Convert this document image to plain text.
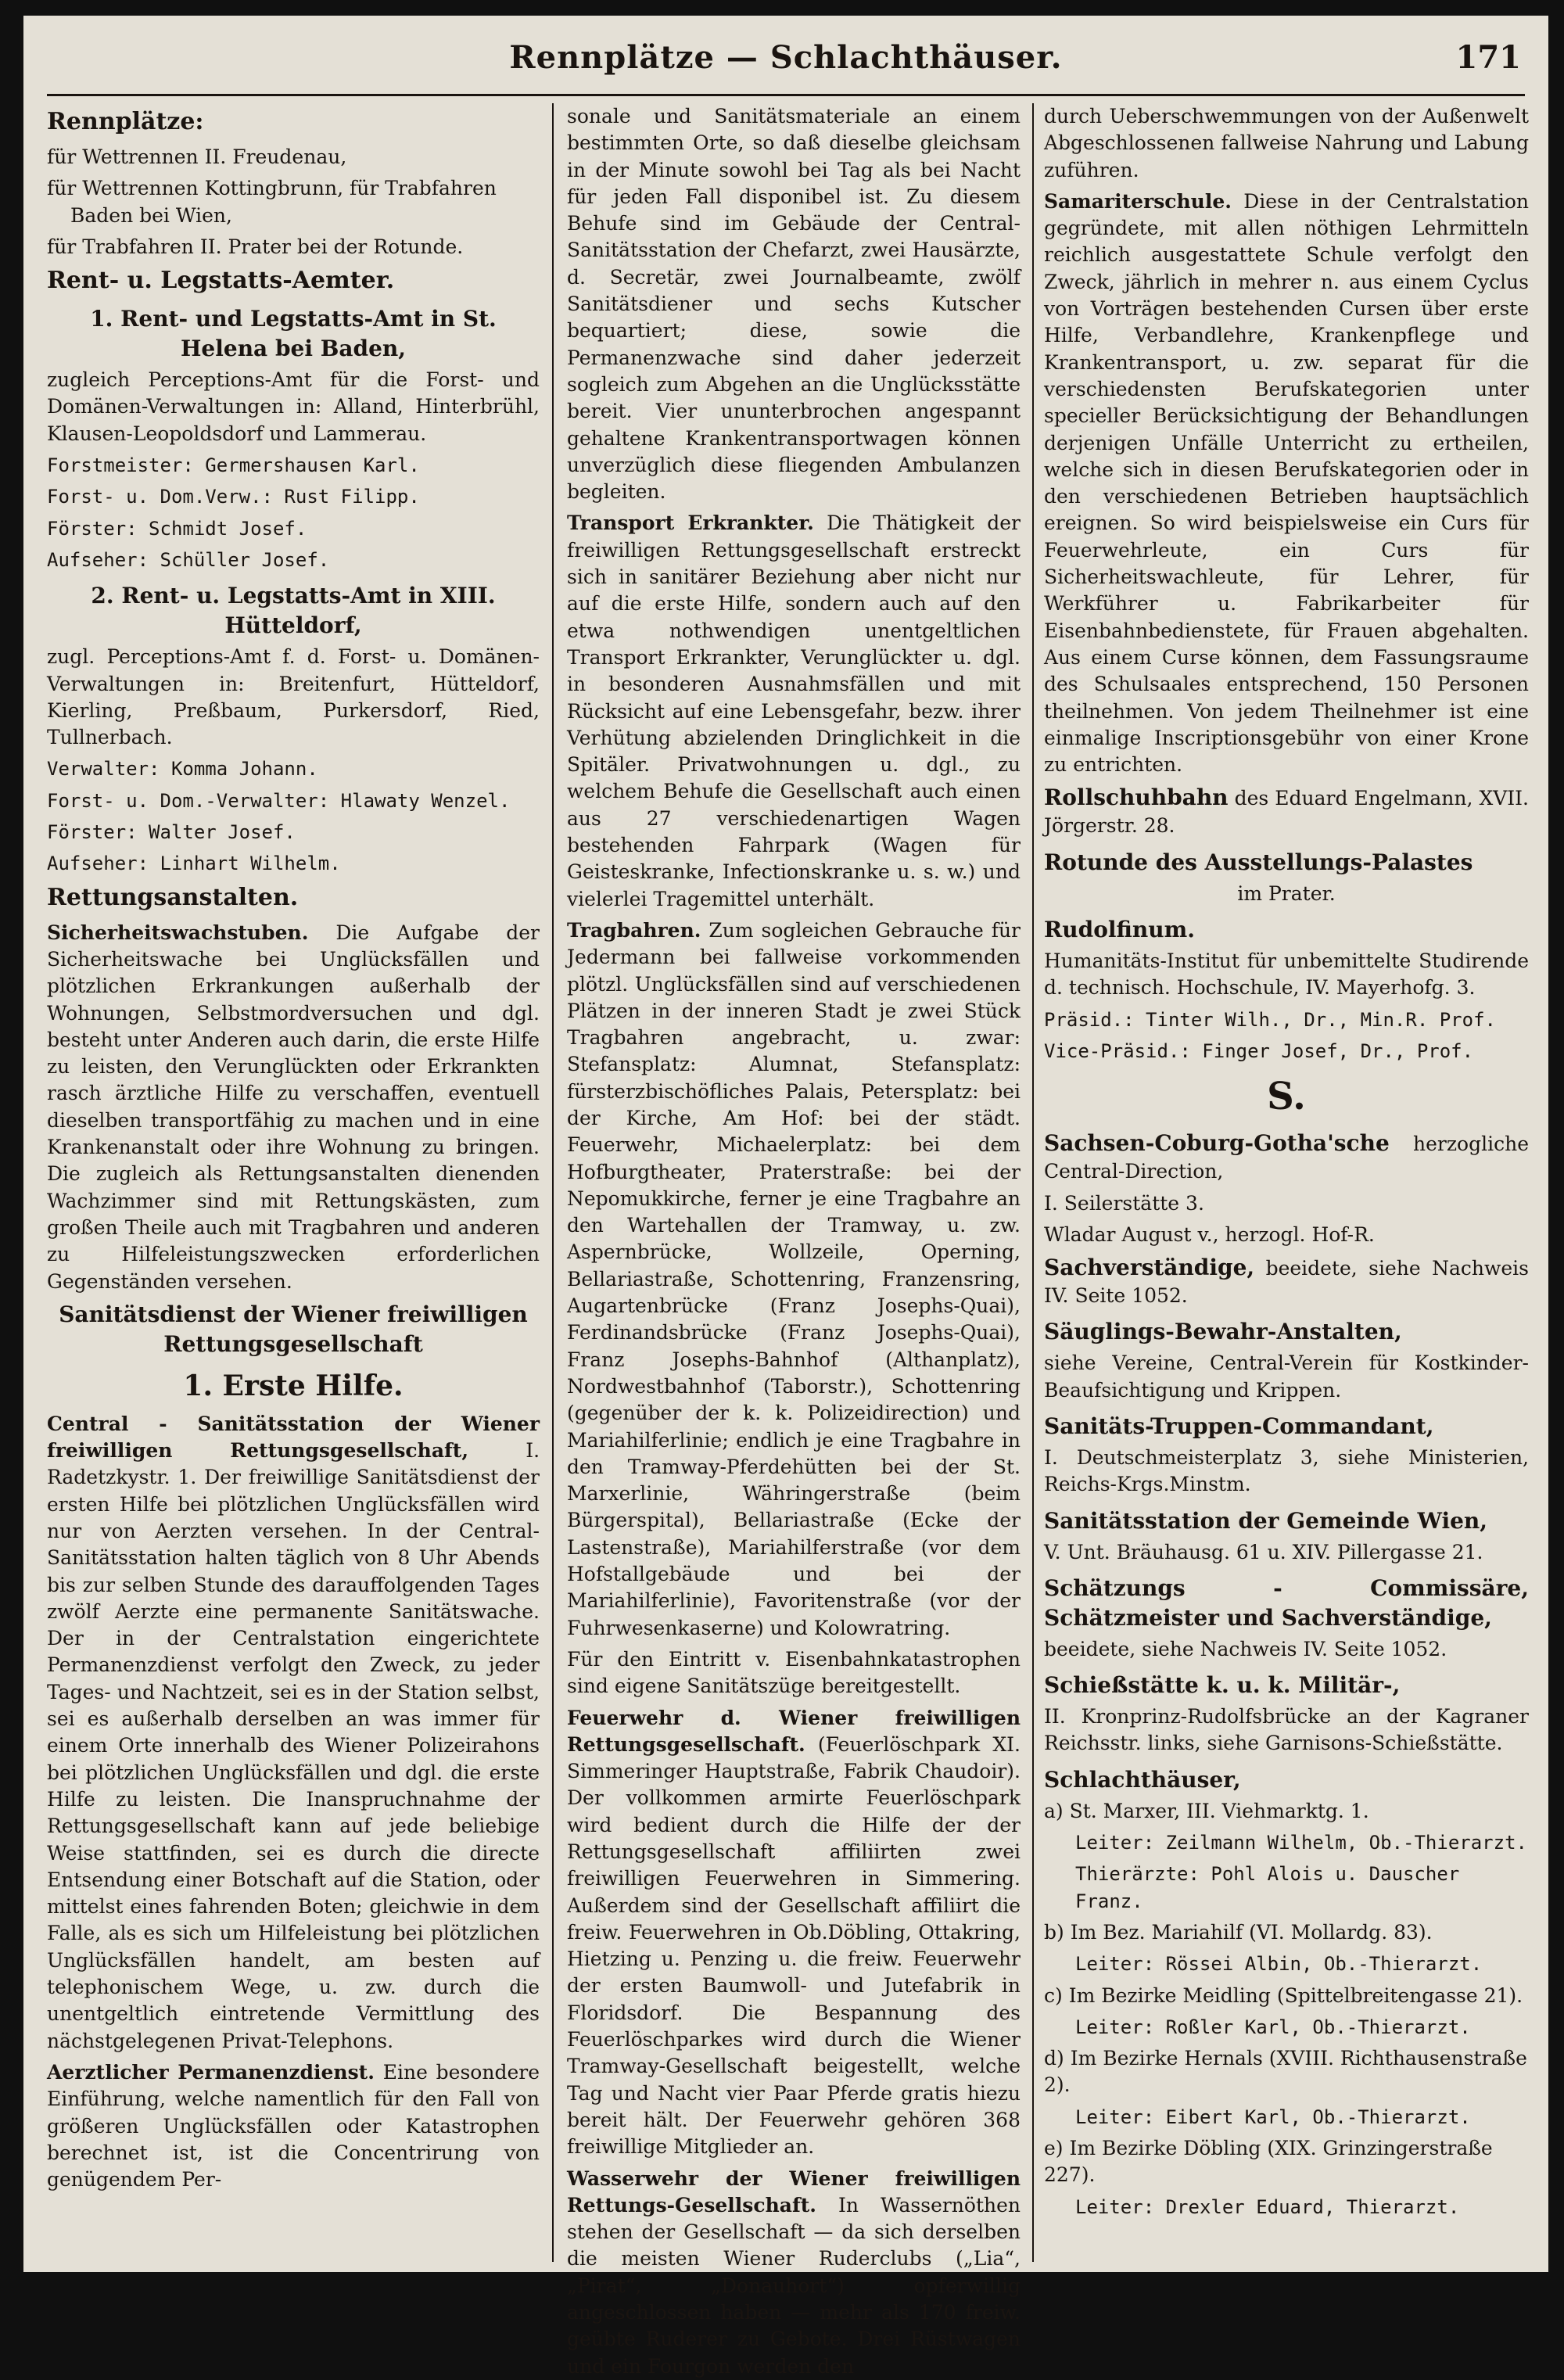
Rennplätze — Schlachthäuser.	171
Rennplätze:

für Wettrennen II. Freudenau,

für Wettrennen Kottingbrunn, für Trabfahren Baden bei Wien,

für Trabfahren II. Prater bei der Rotunde.

Rent- u. Legstatts-Aemter.
1. Rent- und Legstatts-Amt in St. Helena bei Baden,

zugleich Perceptions-Amt für die Forst- und Domänen-Verwaltungen in: Alland, Hinterbrühl, Klausen-Leopoldsdorf und Lammerau.

Forstmeister: Germershausen Karl.

Forst- u. Dom.Verw.: Rust Filipp.

Förster: Schmidt Josef.

Aufseher: Schüller Josef.

2. Rent- u. Legstatts-Amt in XIII. Hütteldorf,

zugl. Perceptions-Amt f. d. Forst- u. Domänen-Verwaltungen in: Breitenfurt, Hütteldorf, Kierling, Preßbaum, Purkersdorf, Ried, Tullnerbach.

Verwalter: Komma Johann.

Forst- u. Dom.-Verwalter: Hlawaty Wenzel.

Förster: Walter Josef.

Aufseher: Linhart Wilhelm.

Rettungsanstalten.

Sicherheitswachstuben. Die Aufgabe der Sicherheitswache bei Unglücksfällen und plötzlichen Erkrankungen außerhalb der Wohnungen, Selbstmordversuchen und dgl. besteht unter Anderen auch darin, die erste Hilfe zu leisten, den Verunglückten oder Erkrankten rasch ärztliche Hilfe zu verschaffen, eventuell dieselben transportfähig zu machen und in eine Krankenanstalt oder ihre Wohnung zu bringen. Die zugleich als Rettungsanstalten dienenden Wachzimmer sind mit Rettungskästen, zum großen Theile auch mit Tragbahren und anderen zu Hilfeleistungszwecken erforderlichen Gegenständen versehen.

Sanitätsdienst der Wiener freiwilligen Rettungsgesellschaft
1. Erste Hilfe.

Central - Sanitätsstation der Wiener freiwilligen Rettungsgesellschaft,	I. Radetzkystr. 1. Der freiwillige Sanitätsdienst der ersten Hilfe bei plötzlichen Unglücksfällen wird nur von Aerzten versehen. In der Central-Sanitätsstation halten täglich von 8 Uhr Abends bis zur selben Stunde des darauffolgenden Tages zwölf Aerzte eine permanente Sanitätswache. Der in der Centralstation eingerichtete Permanenzdienst verfolgt den Zweck, zu jeder Tages- und Nachtzeit, sei es in der Station selbst, sei es außerhalb derselben an was immer für einem Orte innerhalb des Wiener Polizeirahons bei plötzlichen Unglücksfällen und dgl. die erste Hilfe zu leisten. Die Inanspruchnahme der Rettungsgesellschaft kann auf jede beliebige Weise stattfinden, sei es durch die directe Entsendung einer Botschaft auf die Station, oder mittelst eines fahrenden Boten; gleichwie in dem Falle, als es sich um Hilfeleistung bei plötzlichen Unglücksfällen handelt, am besten auf telephonischem Wege, u. zw. durch die unentgeltlich eintretende Vermittlung des nächstgelegenen Privat-Telephons.

Aerztlicher Permanenzdienst. Eine besondere Einführung, welche namentlich für den Fall von größeren Unglücksfällen oder Katastrophen berechnet ist, ist die Concentrirung von genügendem Per-

sonale und Sanitätsmateriale an einem bestimmten Orte, so daß dieselbe gleichsam in der Minute sowohl bei Tag als bei Nacht für jeden Fall disponibel ist. Zu diesem Behufe sind im Gebäude der Central-Sanitätsstation der Chefarzt, zwei Hausärzte, d. Secretär, zwei Journalbeamte, zwölf Sanitätsdiener und sechs Kutscher bequartiert; diese, sowie die Permanenzwache sind daher jederzeit sogleich zum Abgehen an die Unglücksstätte bereit. Vier ununterbrochen angespannt gehaltene Krankentransportwagen können unverzüglich diese fliegenden Ambulanzen begleiten.

Transport Erkrankter. Die Thätigkeit der freiwilligen Rettungsgesellschaft erstreckt sich in sanitärer Beziehung aber nicht nur auf die erste Hilfe, sondern auch auf den etwa nothwendigen unentgeltlichen Transport Erkrankter, Verunglückter u. dgl. in besonderen Ausnahmsfällen und mit Rücksicht auf eine Lebensgefahr, bezw. ihrer Verhütung abzielenden Dringlichkeit in die Spitäler. Privatwohnungen u. dgl., zu welchem Behufe die Gesellschaft auch einen aus 27 verschiedenartigen Wagen bestehenden Fahrpark (Wagen für Geisteskranke, Infectionskranke u. s. w.) und vielerlei Tragemittel unterhält.

Tragbahren. Zum sogleichen Gebrauche für Jedermann bei fallweise vorkommenden plötzl. Unglücksfällen sind auf verschiedenen Plätzen in der inneren Stadt je zwei Stück Tragbahren angebracht, u. zwar: Stefansplatz: Alumnat, Stefansplatz: fürsterzbischöfliches Palais, Petersplatz: bei der Kirche, Am Hof: bei der städt. Feuerwehr, Michaelerplatz: bei dem Hofburgtheater, Praterstraße: bei der Nepomukkirche, ferner je eine Tragbahre an den Wartehallen der Tramway, u. zw. Aspernbrücke, Wollzeile, Operning, Bellariastraße, Schottenring, Franzensring, Augartenbrücke (Franz Josephs-Quai), Ferdinandsbrücke (Franz Josephs-Quai), Franz Josephs-Bahnhof (Althanplatz), Nordwestbahnhof (Taborstr.), Schottenring (gegenüber der k. k. Polizeidirection) und Mariahilferlinie; endlich je eine Tragbahre in den Tramway-Pferdehütten bei der St. Marxerlinie, Währingerstraße (beim Bürgerspital), Bellariastraße (Ecke der Lastenstraße), Mariahilferstraße (vor dem Hofstallgebäude und bei der Mariahilferlinie), Favoritenstraße (vor der Fuhrwesenkaserne) und Kolowratring.

Für den Eintritt v. Eisenbahnkatastrophen sind eigene Sanitätszüge bereitgestellt.

Feuerwehr d. Wiener freiwilligen Rettungsgesellschaft. (Feuerlöschpark XI. Simmeringer Hauptstraße, Fabrik Chaudoir). Der vollkommen armirte Feuerlöschpark wird bedient durch die Hilfe der der Rettungsgesellschaft affiliirten zwei freiwilligen Feuerwehren in Simmering. Außerdem sind der Gesellschaft affiliirt die freiw. Feuerwehren in Ob.Döbling, Ottakring, Hietzing u. Penzing u. die freiw. Feuerwehr der ersten Baumwoll- und Jutefabrik in Floridsdorf. Die Bespannung des Feuerlöschparkes wird durch die Wiener Tramway-Gesellschaft beigestellt, welche Tag und Nacht vier Paar Pferde gratis hiezu bereit hält. Der Feuerwehr gehören 368 freiwillige Mitglieder an.

Wasserwehr der Wiener freiwilligen Rettungs-Gesellschaft. In Wassernöthen stehen der Gesellschaft — da sich derselben die meisten Wiener Ruderclubs („Lia“, „Pirat“, „Donauhort“) opferwillig angeschlossen haben — mehr als 170 freiw. geübte Ruderer zu Gebote. Drei Rüstwagen und ein Fourgon werden den

durch Ueberschwemmungen von der Außenwelt Abgeschlossenen fallweise Nahrung und Labung zuführen.

Samariterschule. Diese in der Centralstation gegründete, mit allen nöthigen Lehrmitteln reichlich ausgestattete Schule verfolgt den Zweck, jährlich in mehrer n. aus einem Cyclus von Vorträgen bestehenden Cursen über erste Hilfe, Verbandlehre, Krankenpflege und Krankentransport, u. zw. separat für die verschiedensten Berufskategorien unter specieller Berücksichtigung der Behandlungen derjenigen Unfälle Unterricht zu ertheilen, welche sich in diesen Berufskategorien oder in den verschiedenen Betrieben hauptsächlich ereignen. So wird beispielsweise ein Curs für Feuerwehrleute, ein Curs für Sicherheitswachleute, für Lehrer, für Werkführer u. Fabrikarbeiter für Eisenbahnbedienstete, für Frauen abgehalten. Aus einem Curse können, dem Fassungsraume des Schulsaales entsprechend, 150 Personen theilnehmen. Von jedem Theilnehmer ist eine einmalige Inscriptionsgebühr von einer Krone zu entrichten.

Rollschuhbahn des Eduard Engelmann, XVII. Jörgerstr. 28.

Rotunde des Ausstellungs-Palastes

im Prater.

Rudolfinum.

Humanitäts-Institut für unbemittelte Studirende d. technisch. Hochschule, IV. Mayerhofg. 3.

Präsid.: Tinter Wilh., Dr., Min.R. Prof.

Vice-Präsid.: Finger Josef, Dr., Prof.

S.

Sachsen-Coburg-Gotha'sche herzogliche Central-Direction,

I. Seilerstätte 3.

Wladar August v., herzogl. Hof-R.

Sachverständige, beeidete, siehe Nachweis IV. Seite 1052.

Säuglings-Bewahr-Anstalten,

siehe Vereine, Central-Verein für Kostkinder-Beaufsichtigung und Krippen.

Sanitäts-Truppen-Commandant,

I. Deutschmeisterplatz 3, siehe Ministerien, Reichs-Krgs.Minstm.

Sanitätsstation der Gemeinde Wien,

V. Unt. Bräuhausg. 61 u. XIV. Pillergasse 21.

Schätzungs - Commissäre, Schätzmeister und Sachverständige,

beeidete, siehe Nachweis IV. Seite 1052.

Schießstätte k. u. k. Militär-,

II. Kronprinz-Rudolfsbrücke an der Kagraner Reichsstr. links, siehe Garnisons-Schießstätte.

Schlachthäuser,

a) St. Marxer, III. Viehmarktg. 1.

Leiter: Zeilmann Wilhelm, Ob.-Thierarzt.

Thierärzte: Pohl Alois u. Dauscher Franz.

b) Im Bez. Mariahilf (VI. Mollardg. 83).

Leiter: Rössei Albin, Ob.-Thierarzt.

c) Im Bezirke Meidling (Spittelbreitengasse 21).

Leiter: Roßler Karl, Ob.-Thierarzt.

d) Im Bezirke Hernals (XVIII. Richthausenstraße 2).

Leiter: Eibert Karl, Ob.-Thierarzt.

e) Im Bezirke Döbling (XIX. Grinzingerstraße 227).

Leiter: Drexler Eduard, Thierarzt.
